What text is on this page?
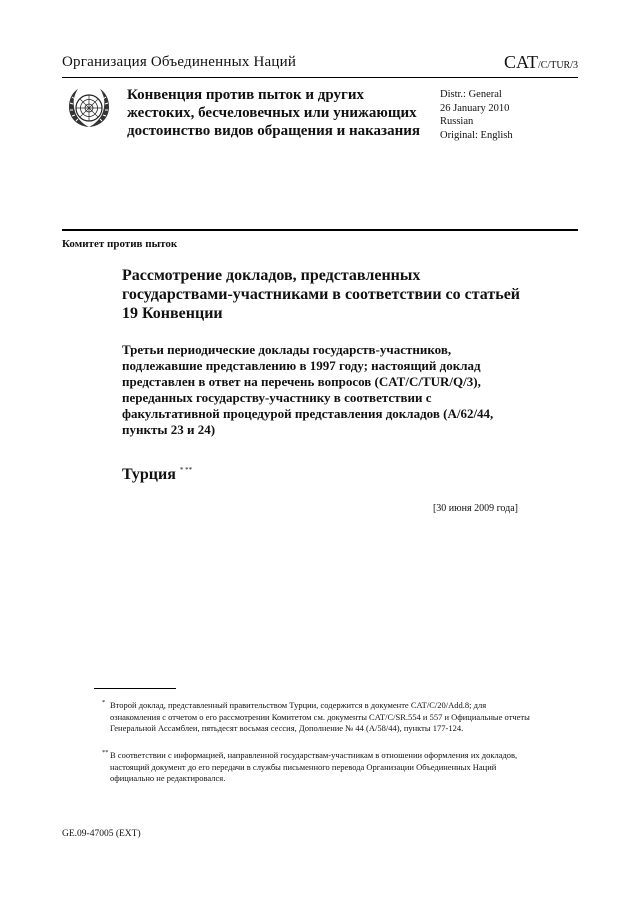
Организация Объединенных Наций	CAT/C/TUR/3
Конвенция против пыток и других жестоких, бесчеловечных или унижающих достоинство видов обращения и наказания
Distr.: General
26 January 2010
Russian
Original: English
Комитет против пыток
Рассмотрение докладов, представленных государствами-участниками в соответствии со статьей 19 Конвенции
Третьи периодические доклады государств-участников, подлежавшие представлению в 1997 году; настоящий доклад представлен в ответ на перечень вопросов (CAT/C/TUR/Q/3), переданных государству-участнику в соответствии с факультативной процедурой представления докладов (A/62/44, пункты 23 и 24)
Турция * **
[30 июня 2009 года]
* Второй доклад, представленный правительством Турции, содержится в документе CAT/C/20/Add.8; для ознакомления с отчетом о его рассмотрении Комитетом см. документы CAT/C/SR.554 и 557 и Официальные отчеты Генеральной Ассамблеи, пятьдесят восьмая сессия, Дополнение № 44 (A/58/44), пункты 177-124.
** В соответствии с информацией, направленной государствам-участникам в отношении оформления их докладов, настоящий документ до его передачи в службы письменного перевода Организации Объединенных Наций официально не редактировался.
GE.09-47005 (EXT)
